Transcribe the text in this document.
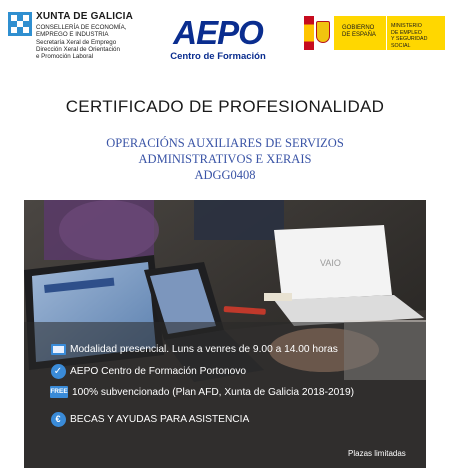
XUNTA DE GALICIA
CONSELLERÍA DE ECONOMÍA,
EMPREGO E INDUSTRIA
Secretaría Xeral de Emprego
Dirección Xeral de Orientación
e Promoción Laboral
AEPO
Centro de Formación
GOBIERNO
DE ESPAÑA
MINISTERIO
DE EMPLEO
Y SEGURIDAD SOCIAL
CERTIFICADO DE PROFESIONALIDAD
OPERACIÓNS AUXILIARES DE SERVIZOS
ADMINISTRATIVOS E XERAIS
ADGG0408
VAIO
Modalidad presencial. Luns a venres de 9.00 a 14.00 horas
✓ AEPO Centro de Formación Portonovo
FREE 100% subvencionado (Plan AFD, Xunta de Galicia 2018-2019)
€ BECAS Y AYUDAS PARA ASISTENCIA
Plazas limitadas
